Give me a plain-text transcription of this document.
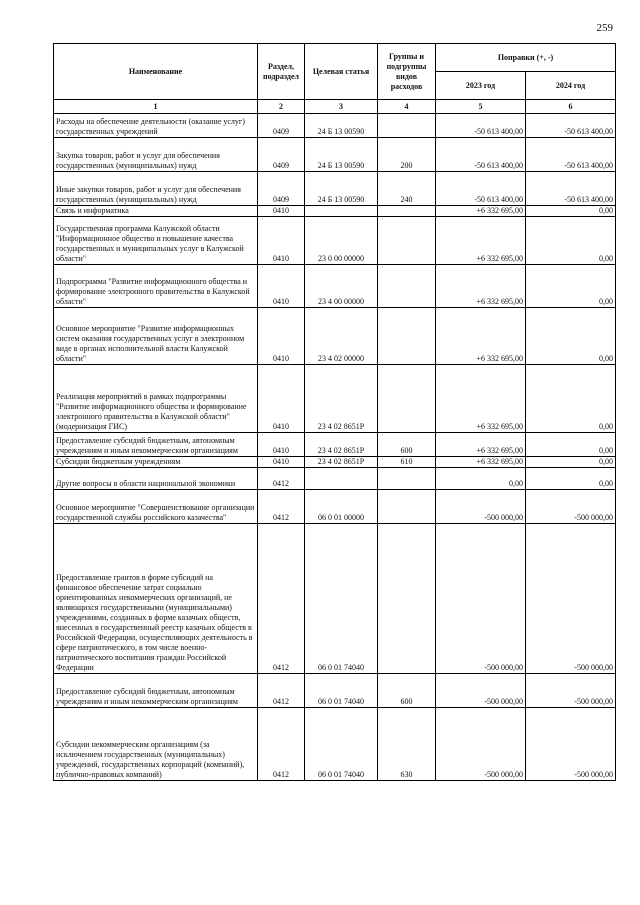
259
Наименование	Раздел, подраздел	Целевая статья	Группы и подгруппы видов расходов	Поправки (+, -)	
				2023 год	2024 год
1	2	3	4	5	6
Расходы на обеспечение деятельности (оказание услуг) государственных учреждений	0409	24 Б 13 00590		-50 613 400,00	-50 613 400,00
Закупка товаров, работ и услуг для обеспечения государственных (муниципальных) нужд	0409	24 Б 13 00590	200	-50 613 400,00	-50 613 400,00
Иные закупки товаров, работ и услуг для обеспечения государственных (муниципальных) нужд	0409	24 Б 13 00590	240	-50 613 400,00	-50 613 400,00
Связь и информатика	0410			+6 332 695,00	0,00
Государственная программа Калужской области "Информационное общество и повышение качества государственных и муниципальных услуг в Калужской области"	0410	23 0 00 00000		+6 332 695,00	0,00
Подпрограмма "Развитие информационного общества и формирование электронного правительства в Калужской области"	0410	23 4 00 00000		+6 332 695,00	0,00
Основное мероприятие "Развитие информационных систем оказания государственных услуг в электронном виде в органах исполнительной власти Калужской области"	0410	23 4 02 00000		+6 332 695,00	0,00
Реализация мероприятий в рамках подпрограммы "Развитие информационного общества и формирование электронного правительства в Калужской области" (модернизация ГИС)	0410	23 4 02 8651P		+6 332 695,00	0,00
Предоставление субсидий бюджетным, автономным учреждениям и иным некоммерческим организациям	0410	23 4 02 8651P	600	+6 332 695,00	0,00
Субсидии бюджетным учреждениям	0410	23 4 02 8651P	610	+6 332 695,00	0,00
Другие вопросы в области национальной экономики	0412			0,00	0,00
Основное мероприятие "Совершенствование организации государственной службы российского казачества"	0412	06 0 01 00000		-500 000,00	-500 000,00
Предоставление грантов в форме субсидий на финансовое обеспечение затрат социально ориентированных некоммерческих организаций, не являющихся государственными (муниципальными) учреждениями, созданных в форме казачьих обществ, внесенных в государственный реестр казачьих обществ в Российской Федерации, осуществляющих деятельность в сфере патриотического, в том числе военно-патриотического воспитания граждан Российской Федерации	0412	06 0 01 74040		-500 000,00	-500 000,00
Предоставление субсидий бюджетным, автономным учреждениям и иным некоммерческим организациям	0412	06 0 01 74040	600	-500 000,00	-500 000,00
Субсидии некоммерческим организациям (за исключением государственных (муниципальных) учреждений, государственных корпораций (компаний), публично-правовых компаний)	0412	06 0 01 74040	630	-500 000,00	-500 000,00
